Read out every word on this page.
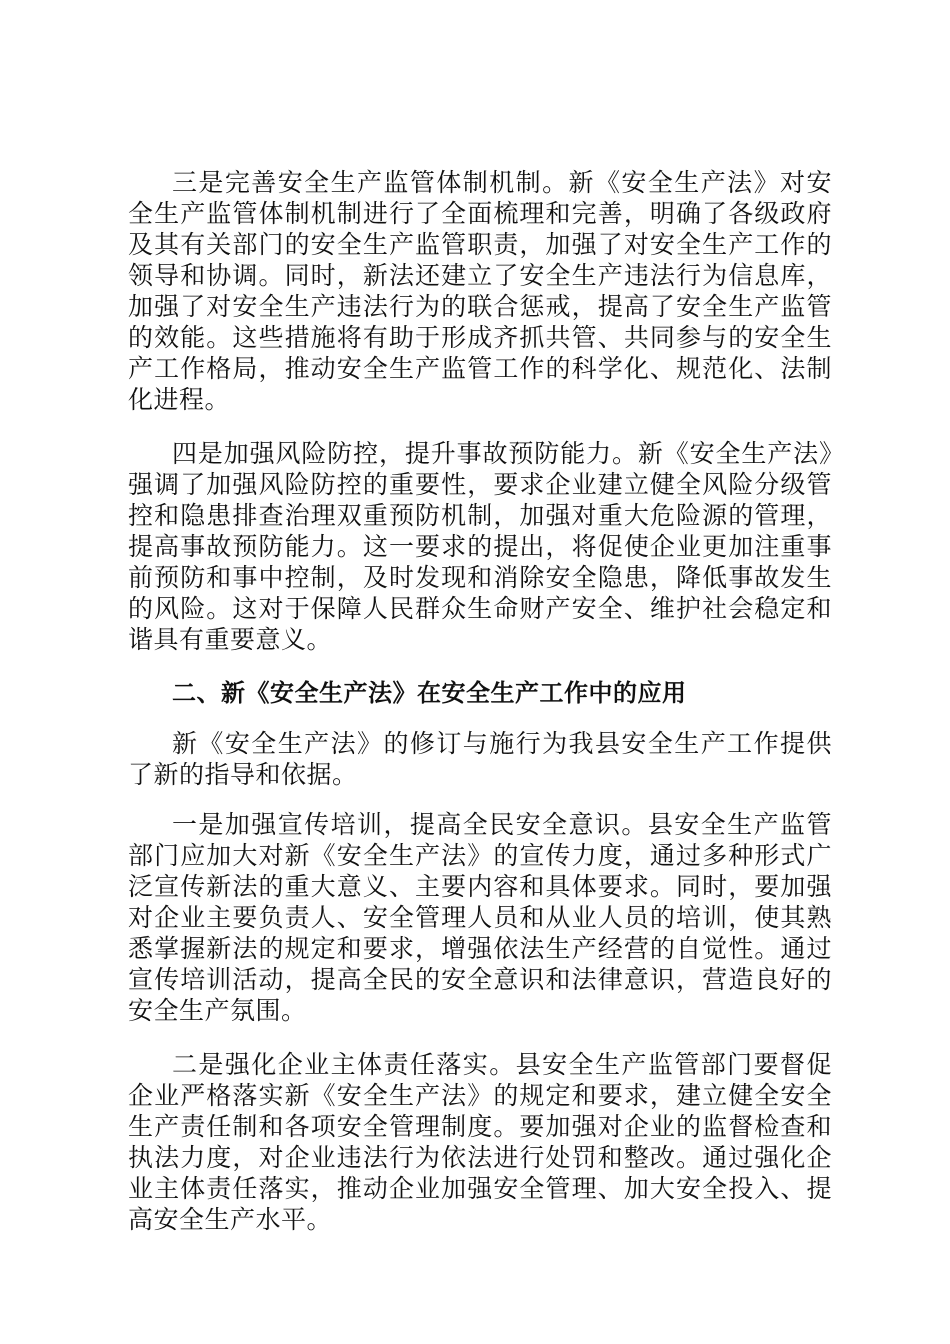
三是完善安全生产监管体制机制。新《安全生产法》对安全生产监管体制机制进行了全面梳理和完善，明确了各级政府及其有关部门的安全生产监管职责，加强了对安全生产工作的领导和协调。同时，新法还建立了安全生产违法行为信息库，加强了对安全生产违法行为的联合惩戒，提高了安全生产监管的效能。这些措施将有助于形成齐抓共管、共同参与的安全生产工作格局，推动安全生产监管工作的科学化、规范化、法制化进程。

四是加强风险防控，提升事故预防能力。新《安全生产法》强调了加强风险防控的重要性，要求企业建立健全风险分级管控和隐患排查治理双重预防机制，加强对重大危险源的管理，提高事故预防能力。这一要求的提出，将促使企业更加注重事前预防和事中控制，及时发现和消除安全隐患，降低事故发生的风险。这对于保障人民群众生命财产安全、维护社会稳定和谐具有重要意义。

二、新《安全生产法》在安全生产工作中的应用

新《安全生产法》的修订与施行为我县安全生产工作提供了新的指导和依据。

一是加强宣传培训，提高全民安全意识。县安全生产监管部门应加大对新《安全生产法》的宣传力度，通过多种形式广泛宣传新法的重大意义、主要内容和具体要求。同时，要加强对企业主要负责人、安全管理人员和从业人员的培训，使其熟悉掌握新法的规定和要求，增强依法生产经营的自觉性。通过宣传培训活动，提高全民的安全意识和法律意识，营造良好的安全生产氛围。

二是强化企业主体责任落实。县安全生产监管部门要督促企业严格落实新《安全生产法》的规定和要求，建立健全安全生产责任制和各项安全管理制度。要加强对企业的监督检查和执法力度，对企业违法行为依法进行处罚和整改。通过强化企业主体责任落实，推动企业加强安全管理、加大安全投入、提高安全生产水平。
